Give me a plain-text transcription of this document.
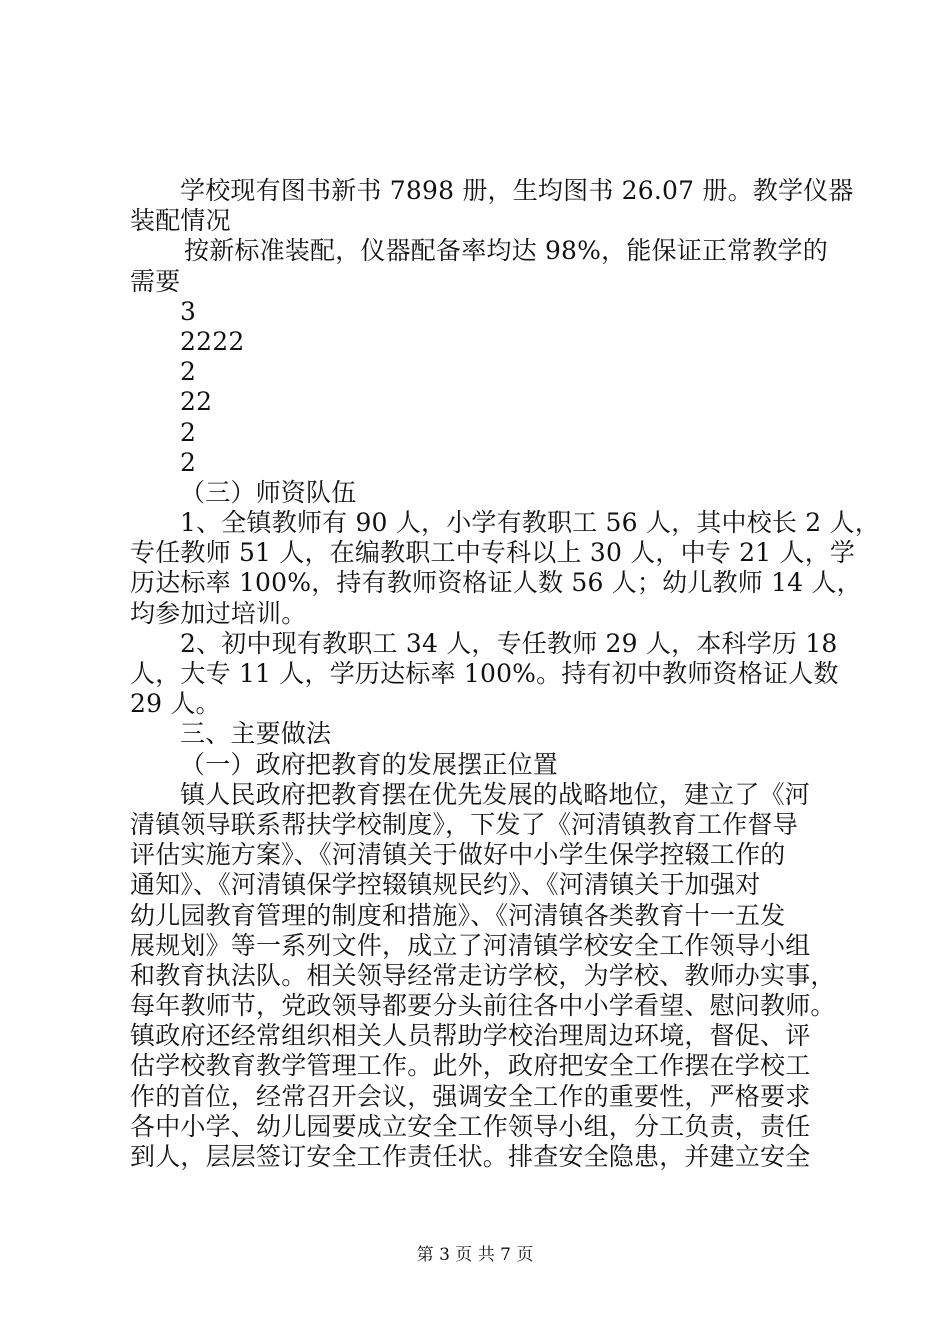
学校现有图书新书 7898 册，生均图书 26.07 册。教学仪器
装配情况
按新标准装配，仪器配备率均达 98%，能保证正常教学的
需要
3
2222
2
22
2
2
（三）师资队伍
1、全镇教师有 90 人，小学有教职工 56 人，其中校长 2 人，
专任教师 51 人，在编教职工中专科以上 30 人，中专 21 人，学
历达标率 100%，持有教师资格证人数 56 人；幼儿教师 14 人，
均参加过培训。
2、初中现有教职工 34 人，专任教师 29 人，本科学历 18
人，大专 11 人，学历达标率 100%。持有初中教师资格证人数
29 人。
三、主要做法
（一）政府把教育的发展摆正位置
镇人民政府把教育摆在优先发展的战略地位，建立了《河
清镇领导联系帮扶学校制度》，下发了《河清镇教育工作督导
评估实施方案》、《河清镇关于做好中小学生保学控辍工作的
通知》、《河清镇保学控辍镇规民约》、《河清镇关于加强对
幼儿园教育管理的制度和措施》、《河清镇各类教育十一五发
展规划》等一系列文件，成立了河清镇学校安全工作领导小组
和教育执法队。相关领导经常走访学校，为学校、教师办实事，
每年教师节，党政领导都要分头前往各中小学看望、慰问教师。
镇政府还经常组织相关人员帮助学校治理周边环境，督促、评
估学校教育教学管理工作。此外，政府把安全工作摆在学校工
作的首位，经常召开会议，强调安全工作的重要性，严格要求
各中小学、幼儿园要成立安全工作领导小组，分工负责，责任
到人，层层签订安全工作责任状。排查安全隐患，并建立安全
第 3 页 共 7 页
